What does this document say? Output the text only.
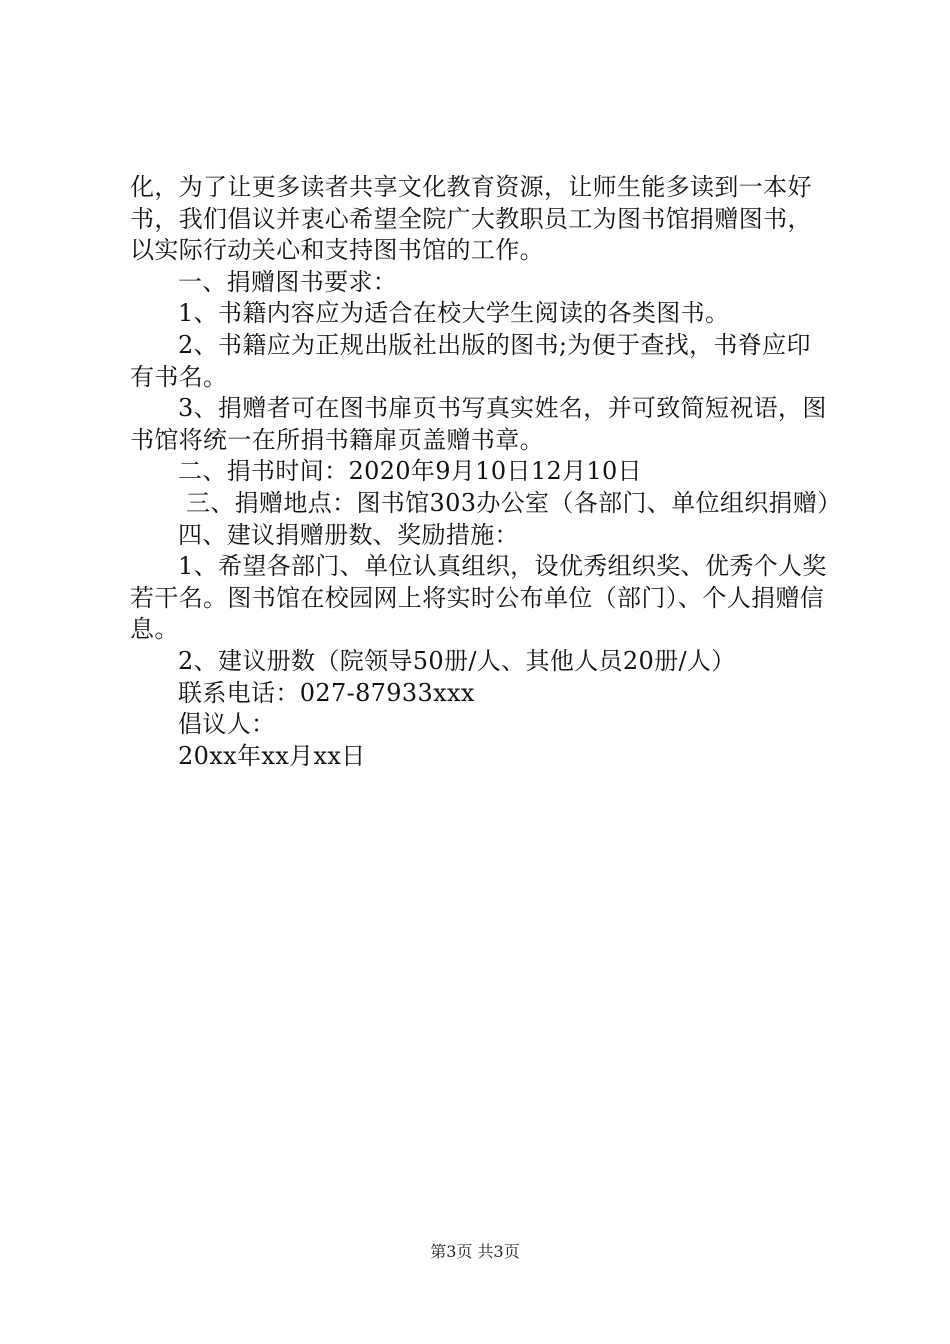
化，为了让更多读者共享文化教育资源，让师生能多读到一本好书，我们倡议并衷心希望全院广大教职员工为图书馆捐赠图书，以实际行动关心和支持图书馆的工作。

一、捐赠图书要求：

1、书籍内容应为适合在校大学生阅读的各类图书。

2、书籍应为正规出版社出版的图书;为便于查找，书脊应印有书名。

3、捐赠者可在图书扉页书写真实姓名，并可致简短祝语，图书馆将统一在所捐书籍扉页盖赠书章。

二、捐书时间：2020年9月10日12月10日

三、捐赠地点：图书馆303办公室（各部门、单位组织捐赠）

四、建议捐赠册数、奖励措施：

1、希望各部门、单位认真组织，设优秀组织奖、优秀个人奖若干名。图书馆在校园网上将实时公布单位（部门）、个人捐赠信息。

2、建议册数（院领导50册/人、其他人员20册/人）

联系电话：027-87933xxx

倡议人：

20xx年xx月xx日

第3页 共3页
